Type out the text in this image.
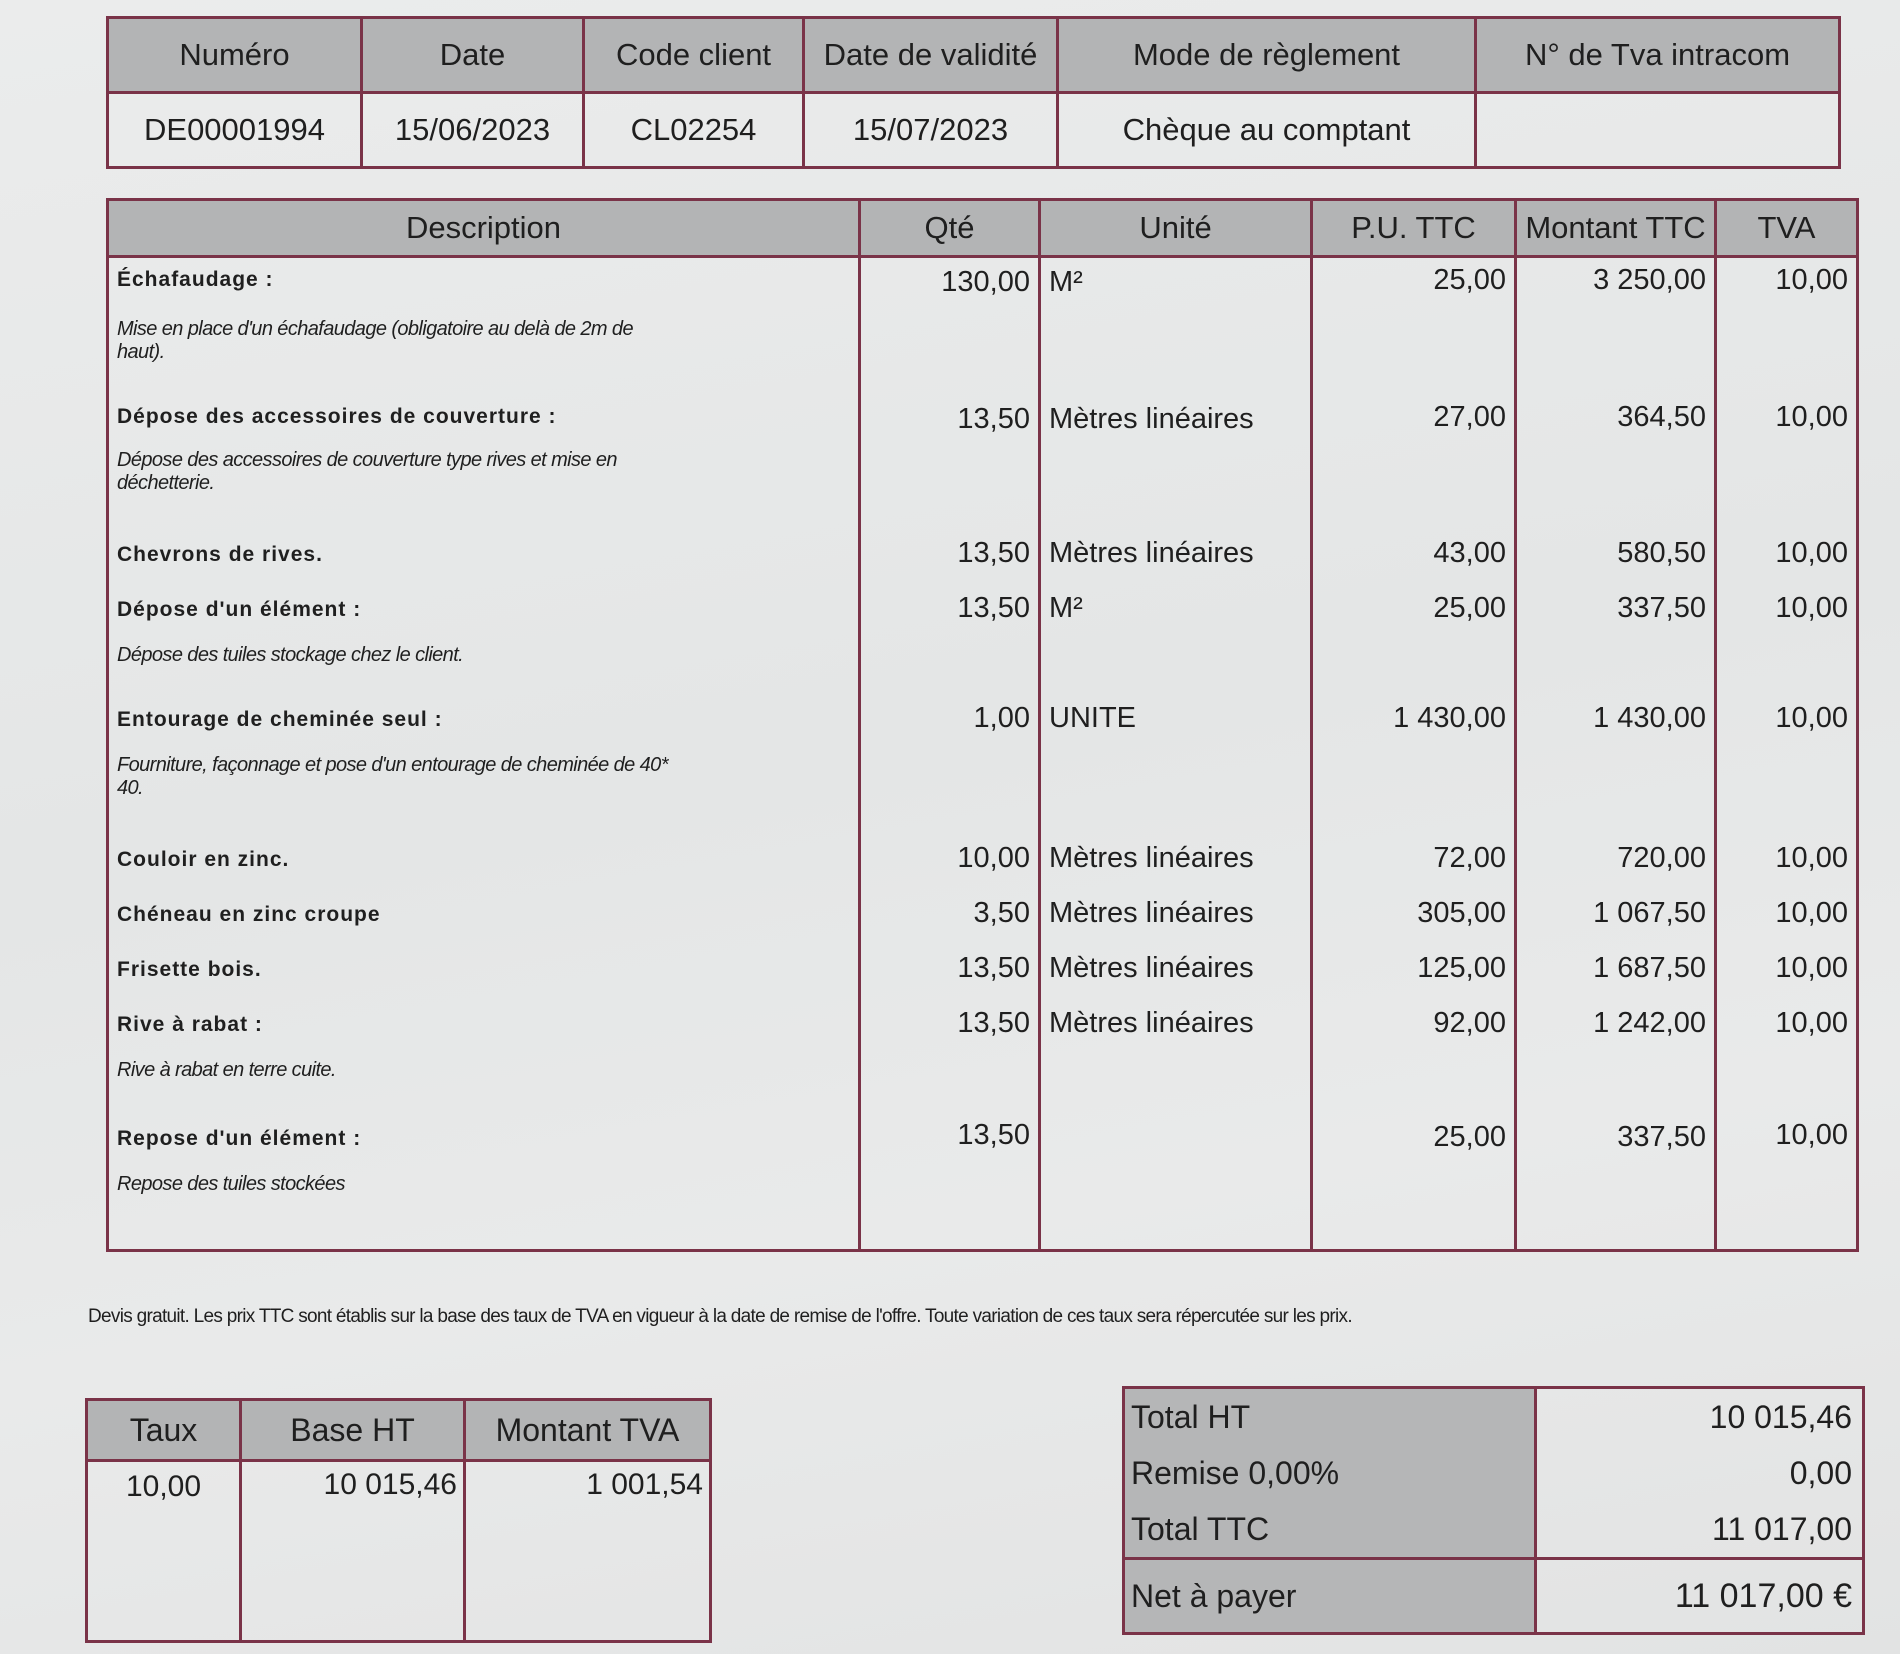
Numéro	Date	Code client	Date de validité	Mode de règlement	N° de Tva intracom
DE00001994	15/06/2023	CL02254	15/07/2023	Chèque au comptant	
Description	Qté	Unité	P.U. TTC	Montant TTC	TVA

Échafaudage :
Mise en place d'un échafaudage (obligatoire au delà de 2m de haut).	130,00	M²	25,00	3 250,00	10,00

Dépose des accessoires de couverture :
Dépose des accessoires de couverture type rives et mise en déchetterie.	13,50	Mètres linéaires	27,00	364,50	10,00

Chevrons de rives.	13,50	Mètres linéaires	43,00	580,50	10,00

Dépose d'un élément :
Dépose des tuiles stockage chez le client.	13,50	M²	25,00	337,50	10,00

Entourage de cheminée seul :
Fourniture, façonnage et pose d'un entourage de cheminée de 40* 40.	1,00	UNITE	1 430,00	1 430,00	10,00

Couloir en zinc.	10,00	Mètres linéaires	72,00	720,00	10,00

Chéneau en zinc croupe	3,50	Mètres linéaires	305,00	1 067,50	10,00

Frisette bois.	13,50	Mètres linéaires	125,00	1 687,50	10,00

Rive à rabat :
Rive à rabat en terre cuite.	13,50	Mètres linéaires	92,00	1 242,00	10,00

Repose d'un élément :
Repose des tuiles stockées	13,50		25,00	337,50	10,00
Devis gratuit. Les prix TTC sont établis sur la base des taux de TVA en vigueur à la date de remise de l'offre. Toute variation de ces taux sera répercutée sur les prix.
Taux	Base HT	Montant TVA
10,00	10 015,46	1 001,54
Total HT	10 015,46
Remise 0,00%	0,00
Total TTC	11 017,00
Net à payer	11 017,00 €
